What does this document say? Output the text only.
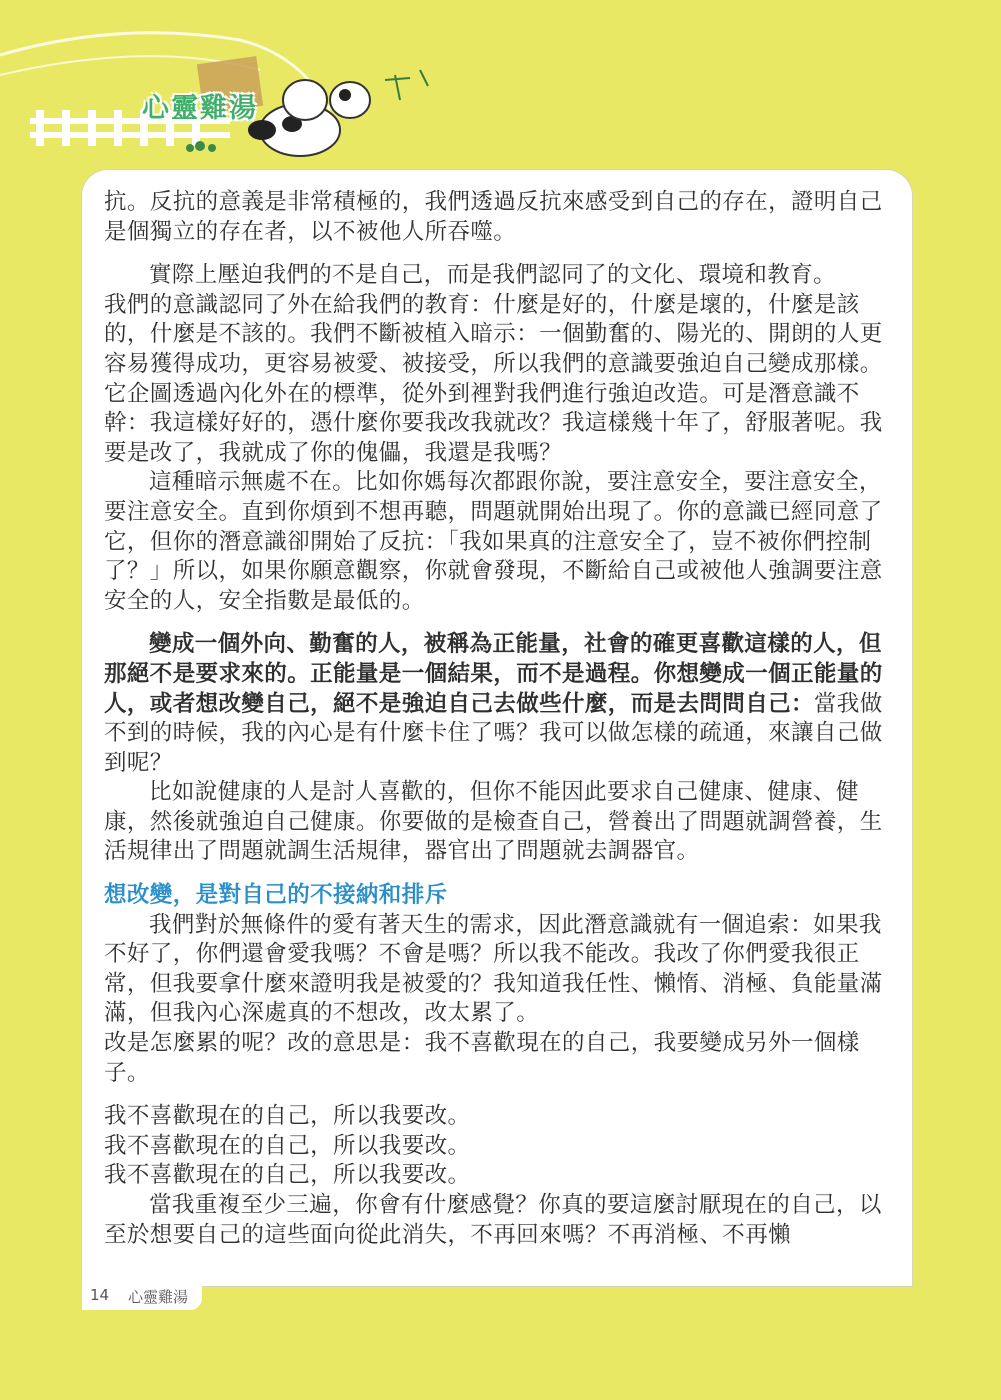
心靈雞湯

抗。反抗的意義是非常積極的，我們透過反抗來感受到自己的存在，證明自己是個獨立的存在者，以不被他人所吞噬。

實際上壓迫我們的不是自己，而是我們認同了的文化、環境和教育。

我們的意識認同了外在給我們的教育：什麼是好的，什麼是壞的，什麼是該的，什麼是不該的。我們不斷被植入暗示：一個勤奮的、陽光的、開朗的人更容易獲得成功，更容易被愛、被接受，所以我們的意識要強迫自己變成那樣。它企圖透過內化外在的標準，從外到裡對我們進行強迫改造。可是潛意識不幹：我這樣好好的，憑什麼你要我改我就改？我這樣幾十年了，舒服著呢。我要是改了，我就成了你的傀儡，我還是我嗎？

這種暗示無處不在。比如你媽每次都跟你說，要注意安全，要注意安全，要注意安全。直到你煩到不想再聽，問題就開始出現了。你的意識已經同意了它，但你的潛意識卻開始了反抗：「我如果真的注意安全了，豈不被你們控制了？」所以，如果你願意觀察，你就會發現，不斷給自己或被他人強調要注意安全的人，安全指數是最低的。

變成一個外向、勤奮的人，被稱為正能量，社會的確更喜歡這樣的人，但那絕不是要求來的。正能量是一個結果，而不是過程。你想變成一個正能量的人，或者想改變自己，絕不是強迫自己去做些什麼，而是去問問自己：當我做不到的時候，我的內心是有什麼卡住了嗎？我可以做怎樣的疏通，來讓自己做到呢？

比如說健康的人是討人喜歡的，但你不能因此要求自己健康、健康、健康，然後就強迫自己健康。你要做的是檢查自己，營養出了問題就調營養，生活規律出了問題就調生活規律，器官出了問題就去調器官。

想改變，是對自己的不接納和排斥

我們對於無條件的愛有著天生的需求，因此潛意識就有一個追索：如果我不好了，你們還會愛我嗎？不會是嗎？所以我不能改。我改了你們愛我很正常，但我要拿什麼來證明我是被愛的？我知道我任性、懶惰、消極、負能量滿滿，但我內心深處真的不想改，改太累了。

改是怎麼累的呢？改的意思是：我不喜歡現在的自己，我要變成另外一個樣子。

我不喜歡現在的自己，所以我要改。

我不喜歡現在的自己，所以我要改。

我不喜歡現在的自己，所以我要改。

當我重複至少三遍，你會有什麼感覺？你真的要這麼討厭現在的自己，以至於想要自己的這些面向從此消失，不再回來嗎？不再消極、不再懶

14 心靈雞湯
